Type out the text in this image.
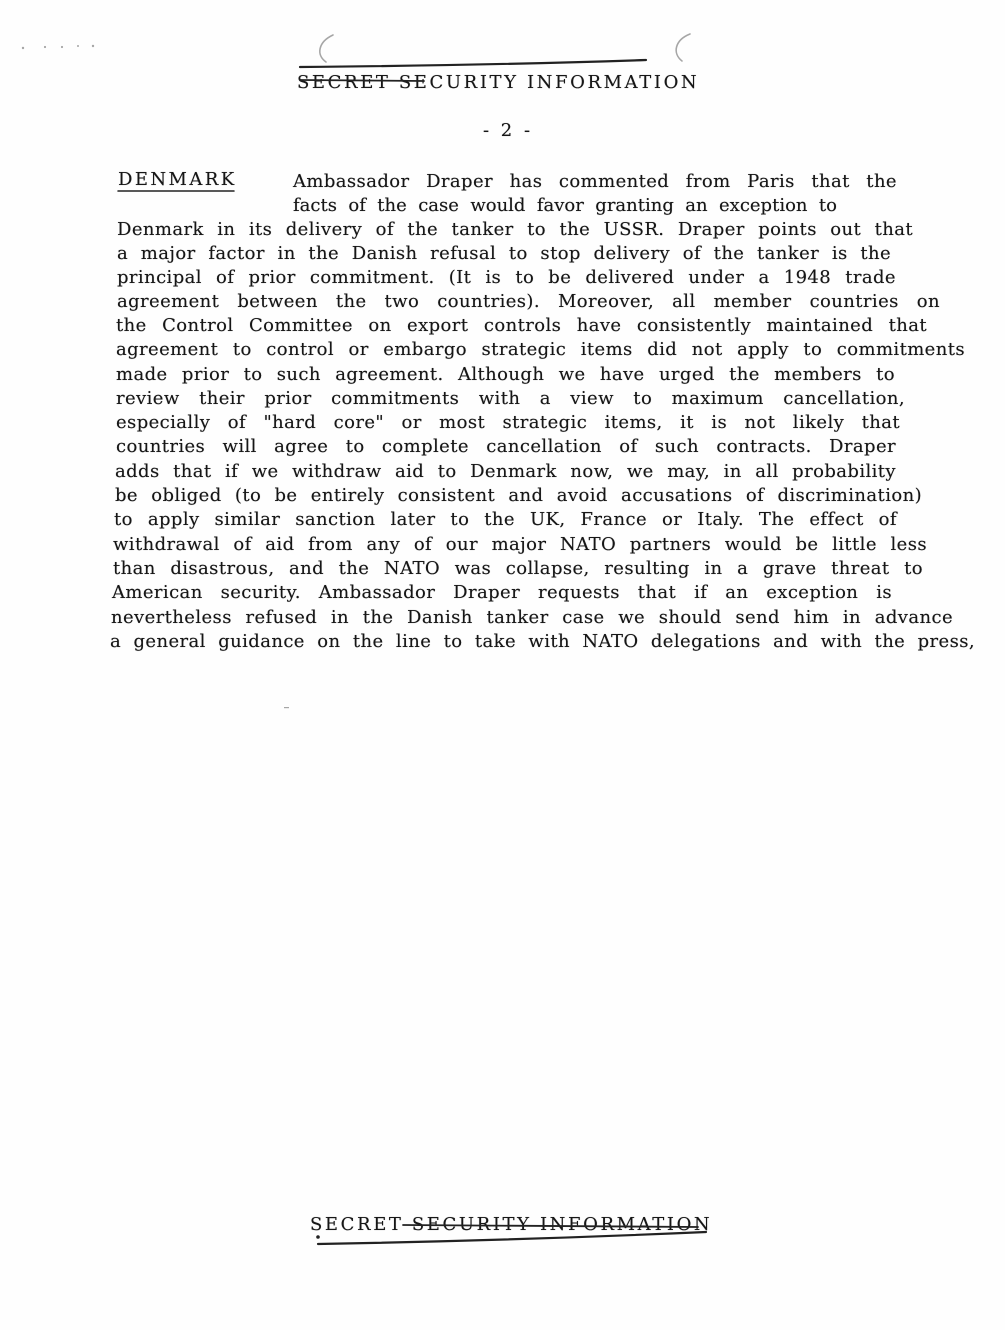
SECRET SECURITY INFORMATION
- 2 -
DENMARK	Ambassador Draper has commented from Paris that the
facts of the case would favor granting an exception to
Denmark in its delivery of the tanker to the USSR. Draper points out that
a major factor in the Danish refusal to stop delivery of the tanker is the
principal of prior commitment. (It is to be delivered under a 1948 trade
agreement between the two countries). Moreover, all member countries on
the Control Committee on export controls have consistently maintained that
agreement to control or embargo strategic items did not apply to commitments
made prior to such agreement. Although we have urged the members to
review their prior commitments with a view to maximum cancellation,
especially of "hard core" or most strategic items, it is not likely that
countries will agree to complete cancellation of such contracts. Draper
adds that if we withdraw aid to Denmark now, we may, in all probability
be obliged (to be entirely consistent and avoid accusations of discrimination)
to apply similar sanction later to the UK, France or Italy. The effect of
withdrawal of aid from any of our major NATO partners would be little less
than disastrous, and the NATO was collapse, resulting in a grave threat to
American security. Ambassador Draper requests that if an exception is
nevertheless refused in the Danish tanker case we should send him in advance
a general guidance on the line to take with NATO delegations and with the press,
SECRET SECURITY INFORMATION
